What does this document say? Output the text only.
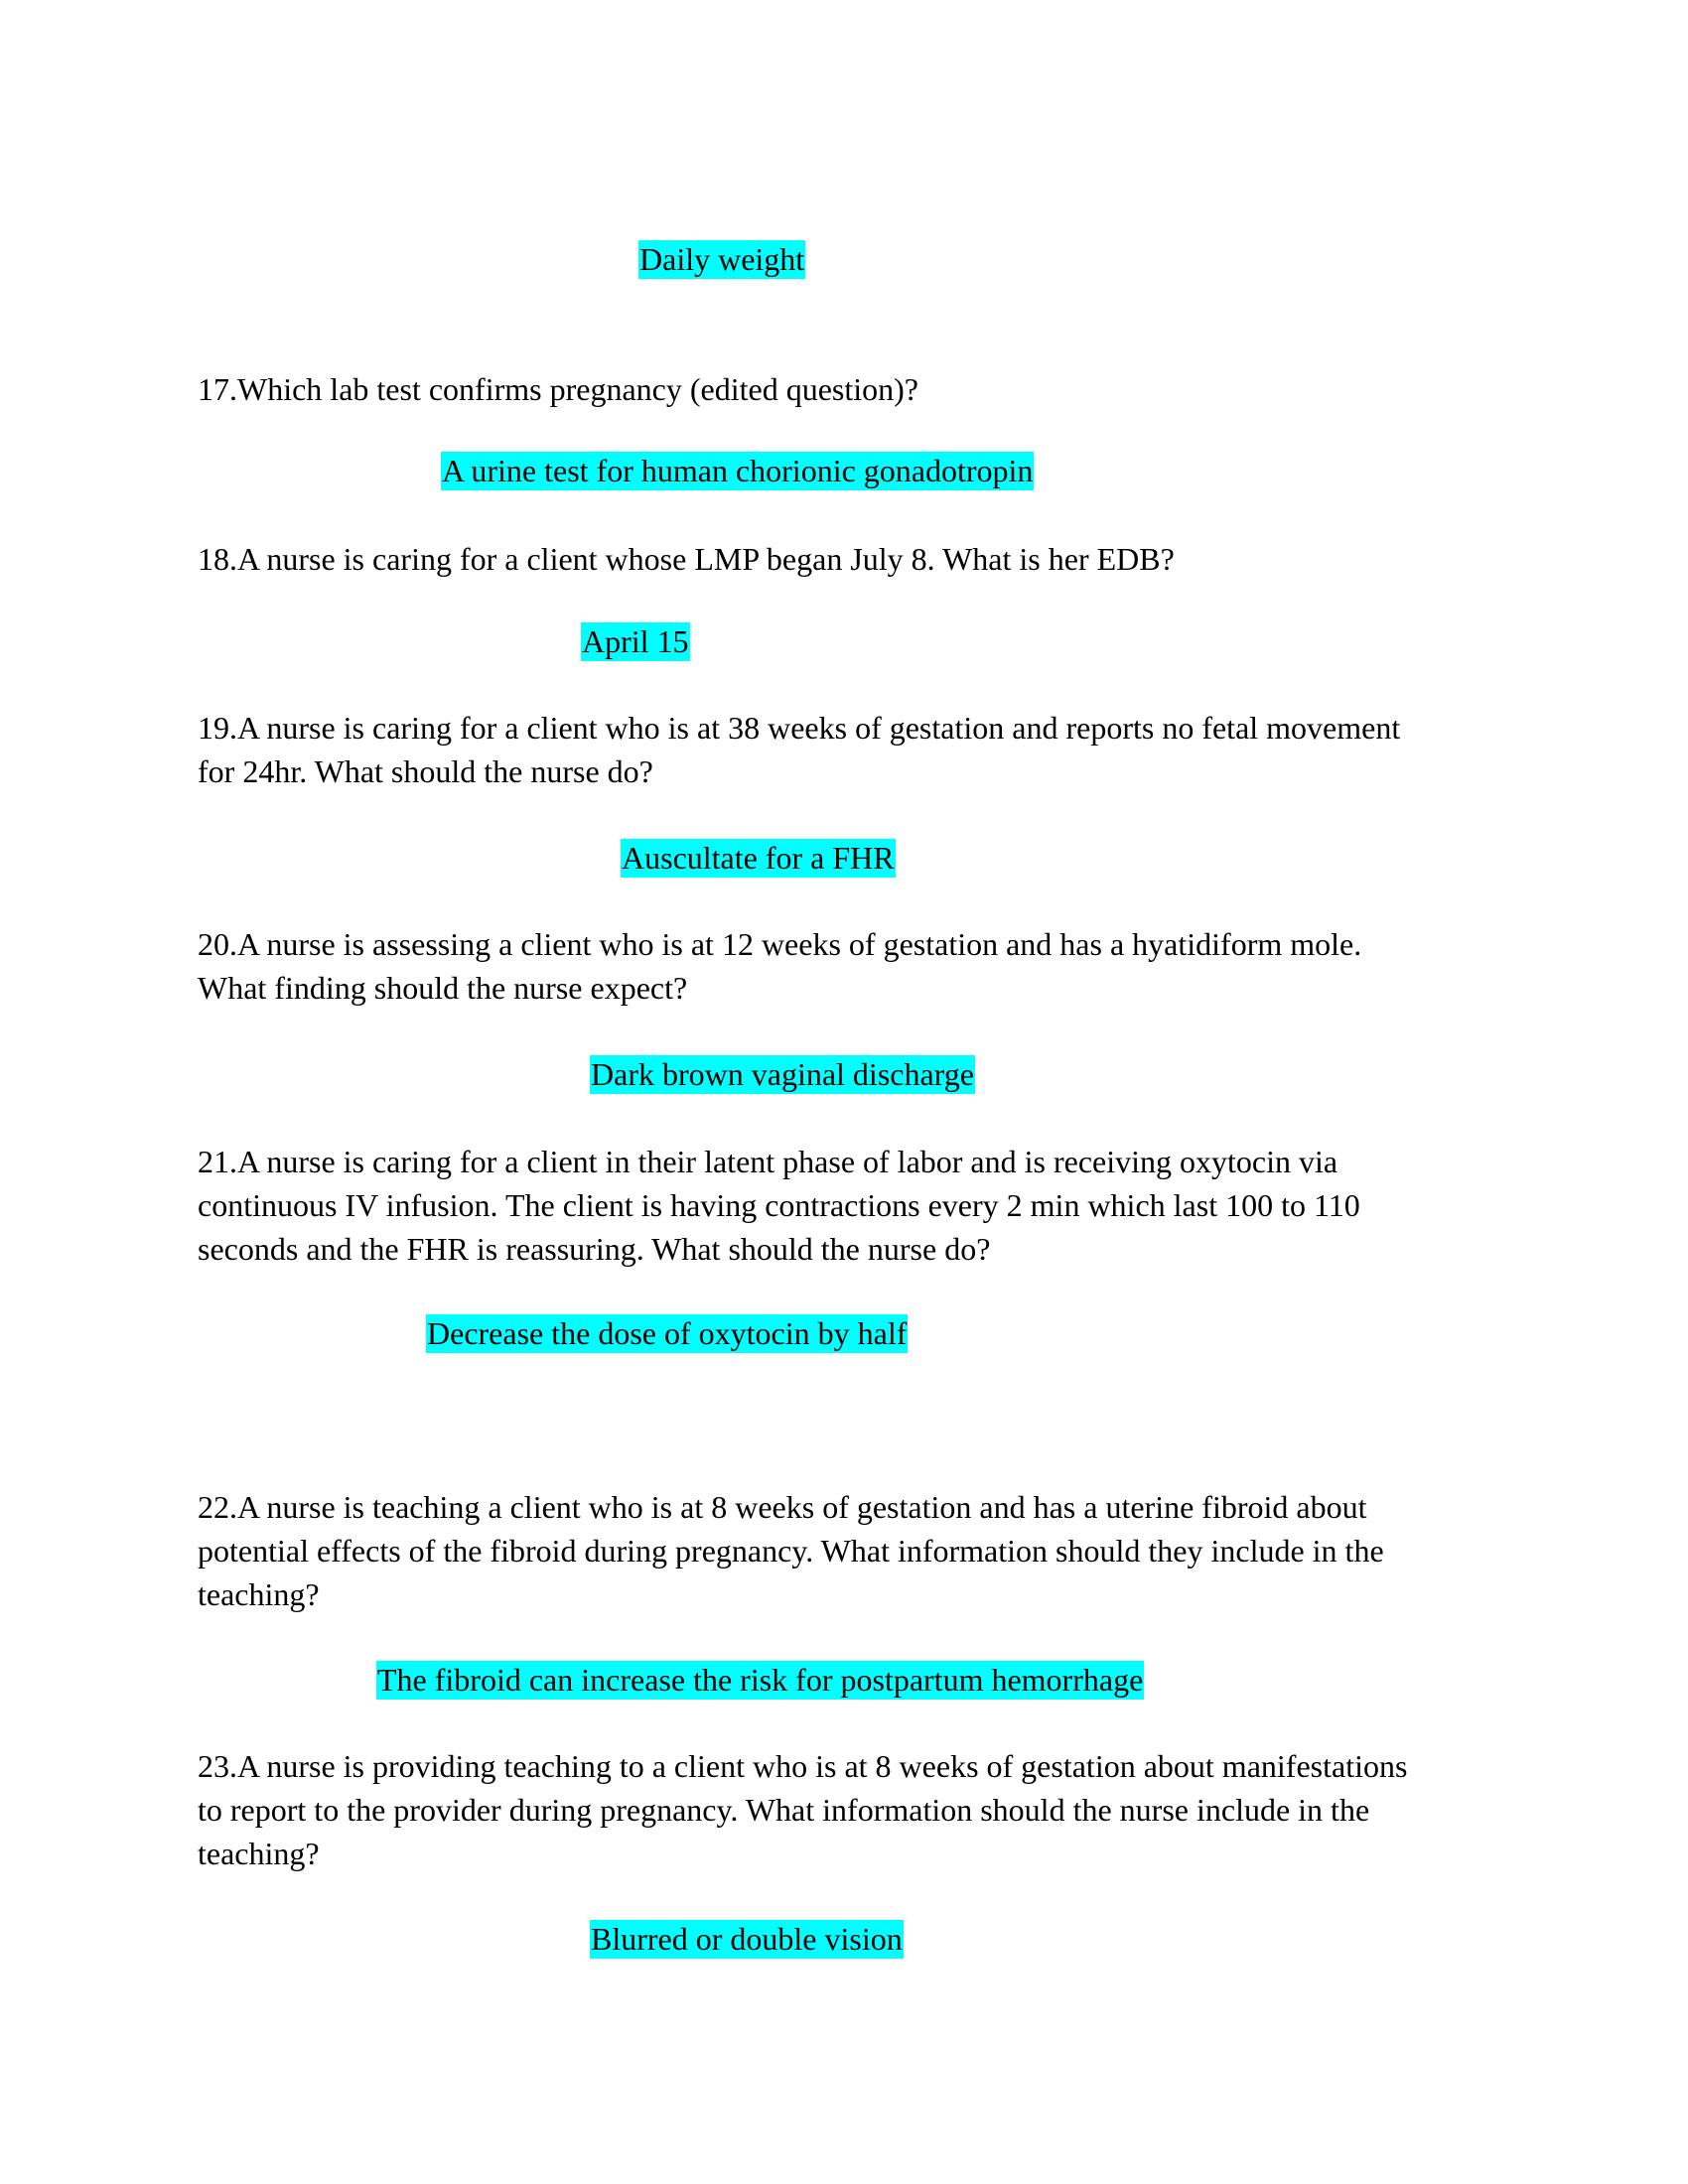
Daily weight
17.Which lab test confirms pregnancy (edited question)?
A urine test for human chorionic gonadotropin
18.A nurse is caring for a client whose LMP began July 8. What is her EDB?
April 15
19.A nurse is caring for a client who is at 38 weeks of gestation and reports no fetal movement
for 24hr. What should the nurse do?
Auscultate for a FHR
20.A nurse is assessing a client who is at 12 weeks of gestation and has a hyatidiform mole.
What finding should the nurse expect?
Dark brown vaginal discharge
21.A nurse is caring for a client in their latent phase of labor and is receiving oxytocin via
continuous IV infusion. The client is having contractions every 2 min which last 100 to 110
seconds and the FHR is reassuring. What should the nurse do?
Decrease the dose of oxytocin by half
22.A nurse is teaching a client who is at 8 weeks of gestation and has a uterine fibroid about
potential effects of the fibroid during pregnancy. What information should they include in the
teaching?
The fibroid can increase the risk for postpartum hemorrhage
23.A nurse is providing teaching to a client who is at 8 weeks of gestation about manifestations
to report to the provider during pregnancy. What information should the nurse include in the
teaching?
Blurred or double vision
